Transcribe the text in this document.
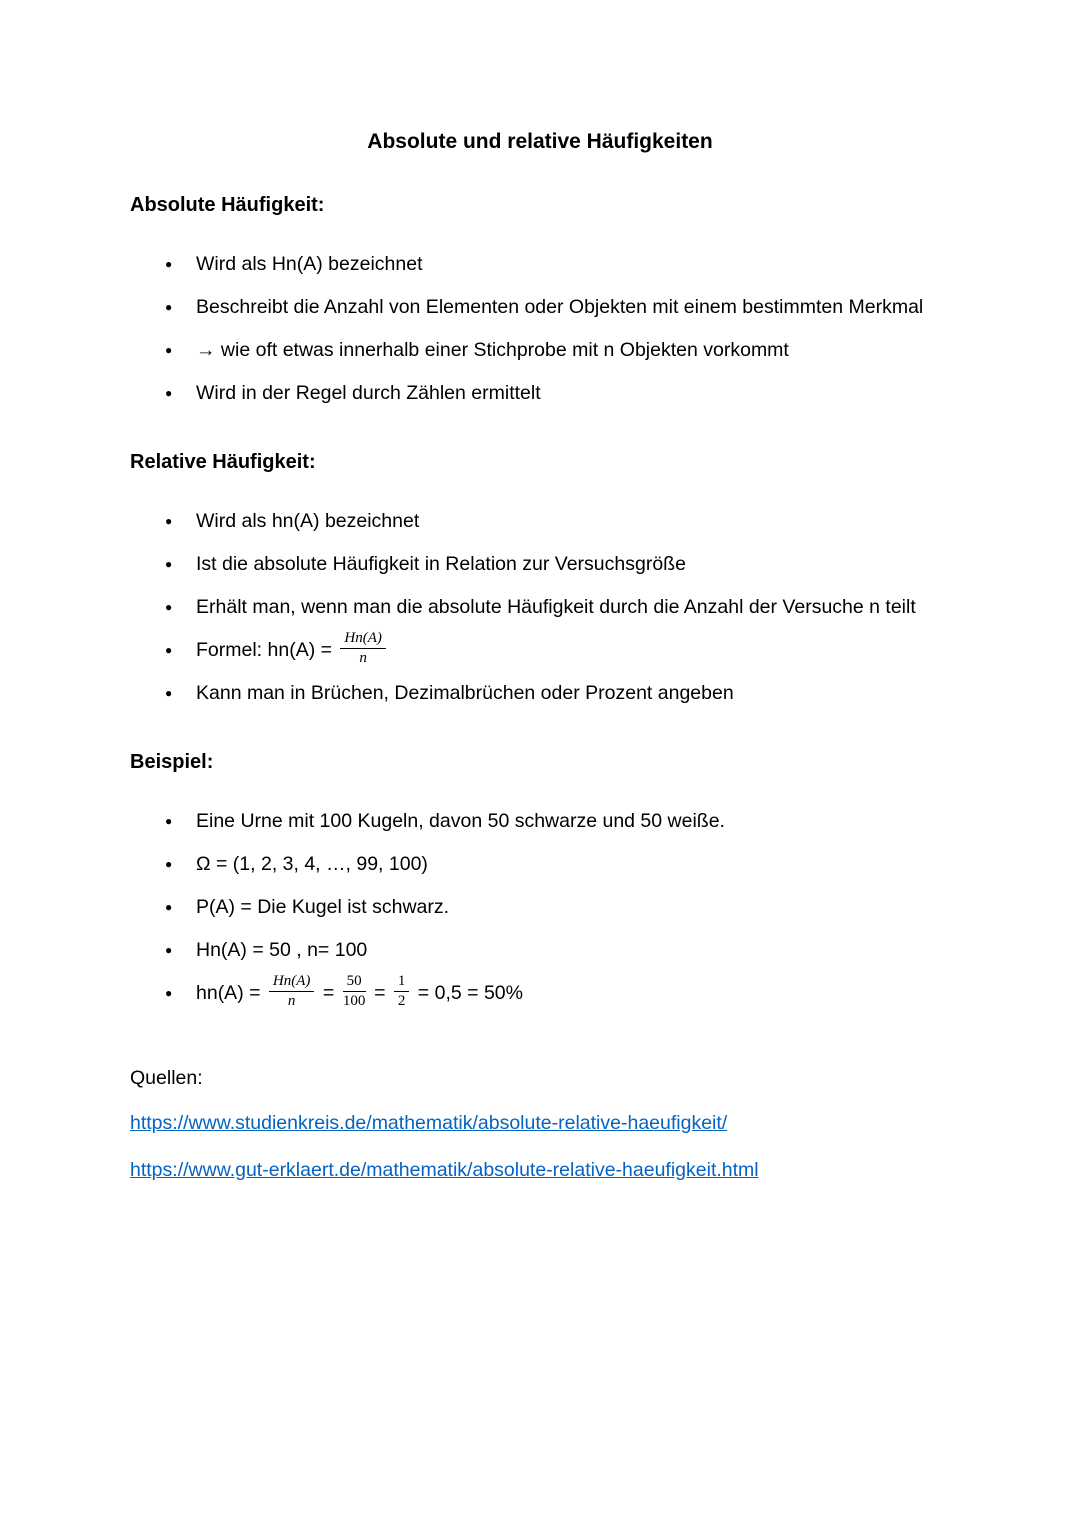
Absolute und relative Häufigkeiten
Absolute Häufigkeit:
●
Wird als Hn(A) bezeichnet
●
Beschreibt die Anzahl von Elementen oder Objekten mit einem bestimmten Merkmal
●
→ wie oft etwas innerhalb einer Stichprobe mit n Objekten vorkommt
●
Wird in der Regel durch Zählen ermittelt
Relative Häufigkeit:
●
Wird als hn(A) bezeichnet
●
Ist die absolute Häufigkeit in Relation zur Versuchsgröße
●
Erhält man, wenn man die absolute Häufigkeit durch die Anzahl der Versuche n teilt
●
Formel: $hn(A) = \frac{Hn(A)}{n}$
●
Kann man in Brüchen, Dezimalbrüchen oder Prozent angeben
Beispiel:
●
Eine Urne mit 100 Kugeln, davon 50 schwarze und 50 weiße.
●
Ω = (1, 2, 3, 4, …, 99, 100)
●
P(A) = Die Kugel ist schwarz.
●
Hn(A) = 50 , n= 100
●
$hn(A) = \frac{Hn(A)}{n} = \frac{50}{100} = \frac{1}{2} = 0,5 = 50\%$
Quellen:
https://www.studienkreis.de/mathematik/absolute-relative-haeufigkeit/
https://www.gut-erklaert.de/mathematik/absolute-relative-haeufigkeit.html
